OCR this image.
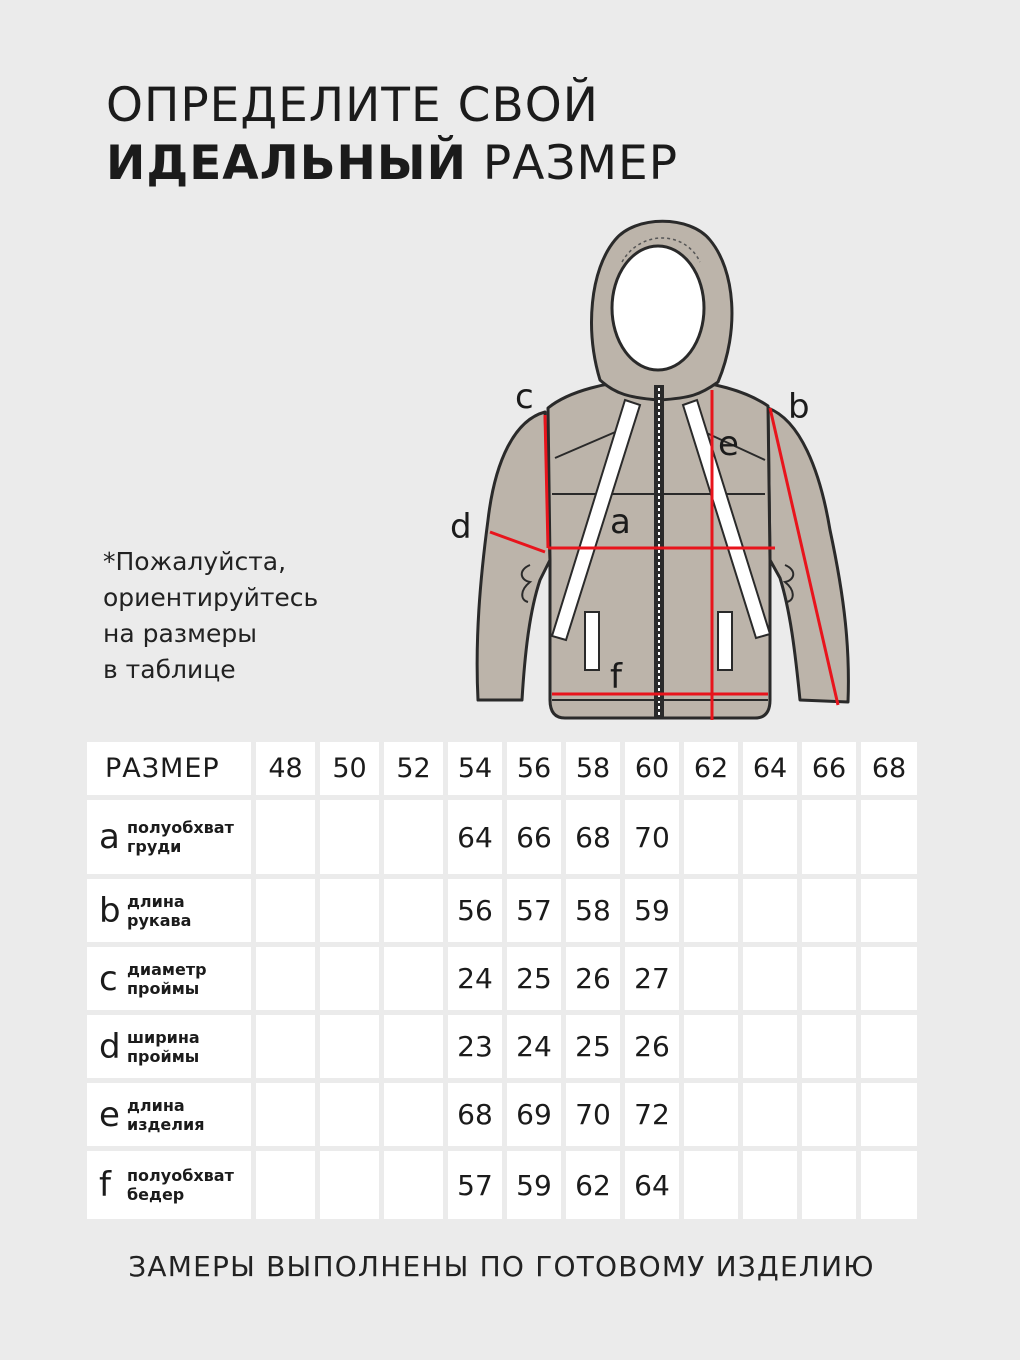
ОПРЕДЕЛИТЕ СВОЙ
ИДЕАЛЬНЫЙ РАЗМЕР
*Пожалуйста,
ориентируйтесь
на размеры
в таблице
a
b
c
d
e
f
РАЗМЕР	48	50	52	54	56	58	60	62	64	66	68
a полуобхват
груди				64	66	68	70				
b длина
рукава				56	57	58	59				
c диаметр
проймы				24	25	26	27				
d ширина
проймы				23	24	25	26				
e длина
изделия				68	69	70	72				
f полуобхват
бедер				57	59	62	64				
ЗАМЕРЫ ВЫПОЛНЕНЫ ПО ГОТОВОМУ ИЗДЕЛИЮ
